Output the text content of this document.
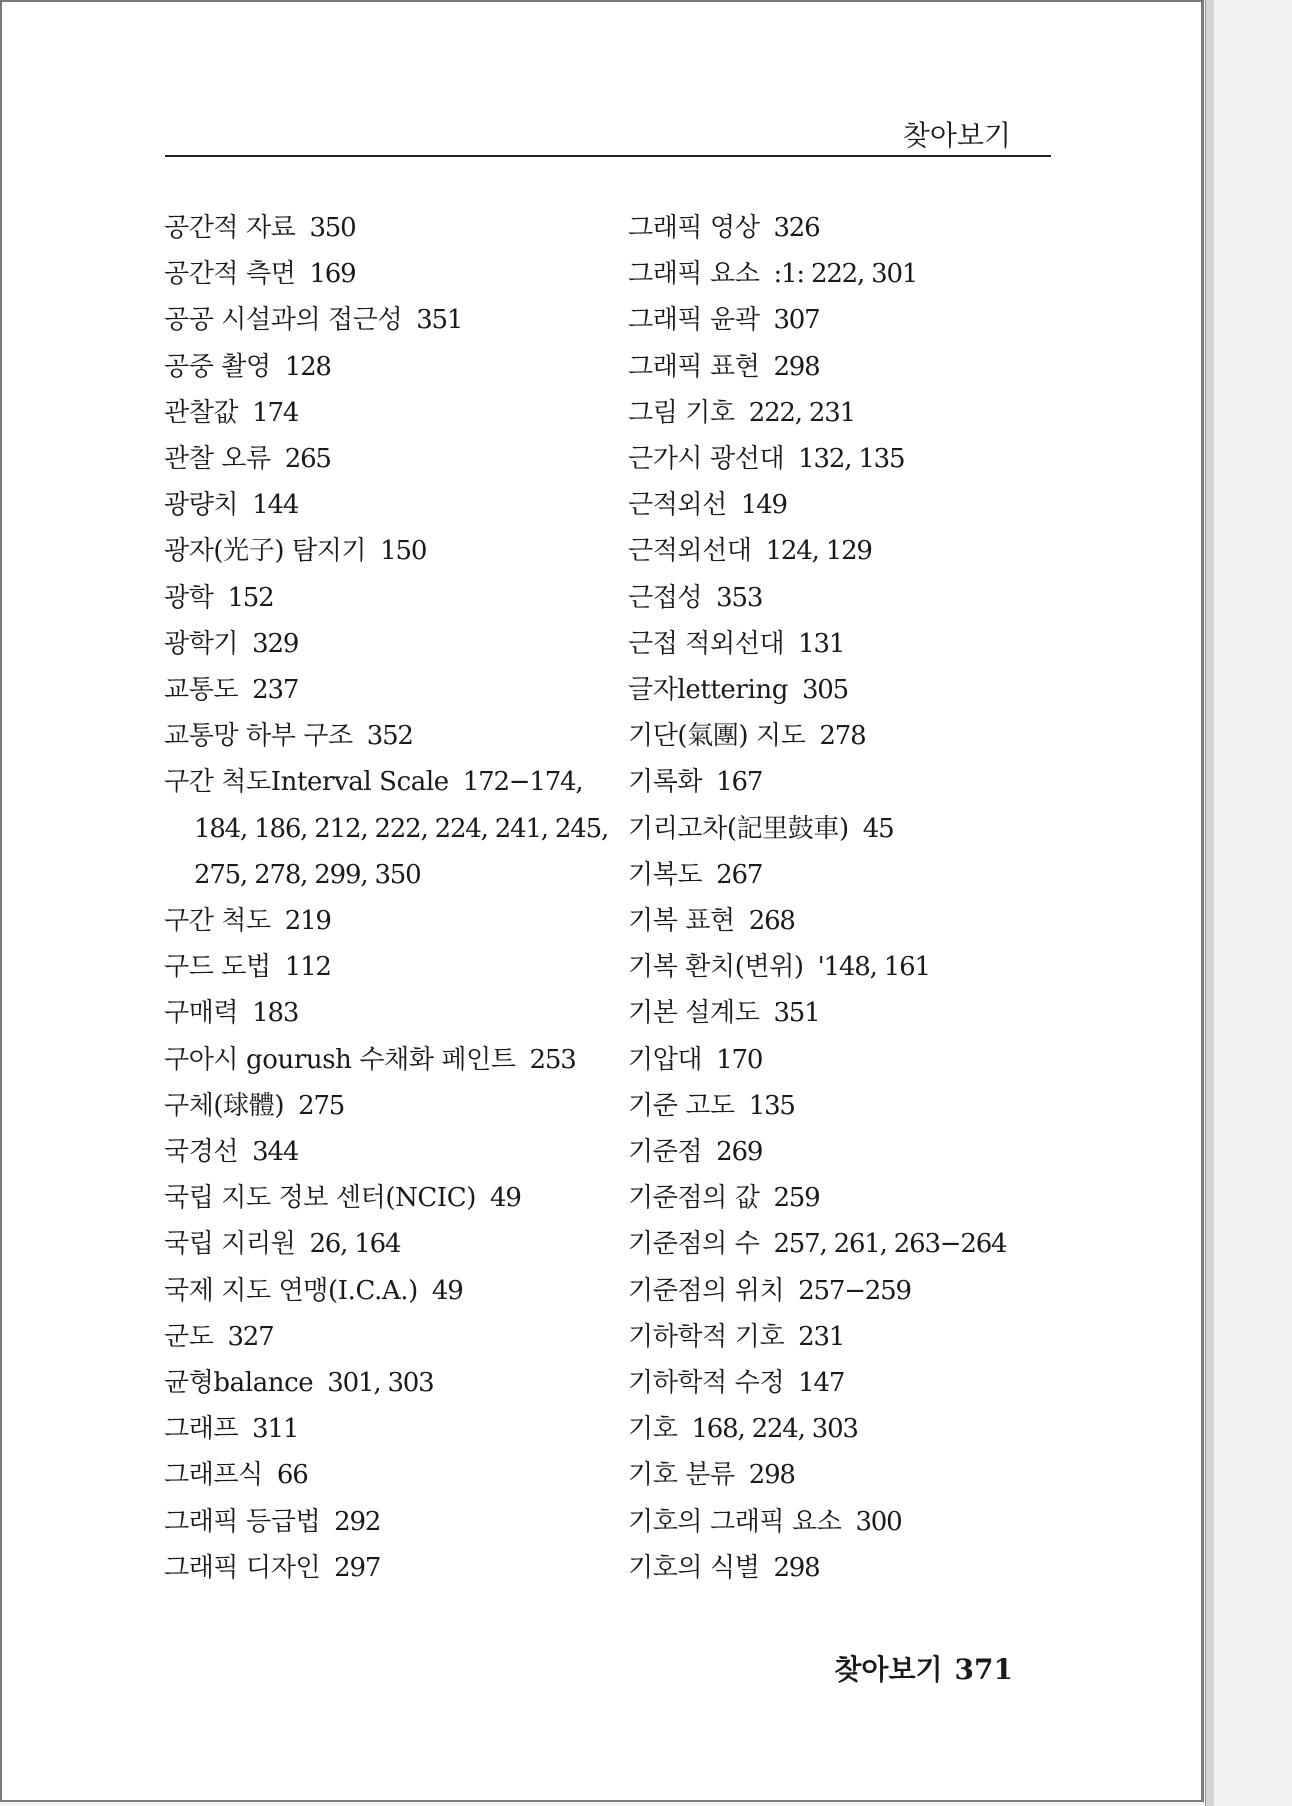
찾아보기
공간적 자료 350
공간적 측면 169
공공 시설과의 접근성 351
공중 촬영 128
관찰값 174
관찰 오류 265
광량치 144
광자(光子) 탐지기 150
광학 152
광학기 329
교통도 237
교통망 하부 구조 352
구간 척도Interval Scale 172−174,
184, 186, 212, 222, 224, 241, 245,
275, 278, 299, 350
구간 척도 219
구드 도법 112
구매력 183
구아시 gourush 수채화 페인트 253
구체(球體) 275
국경선 344
국립 지도 정보 센터(NCIC) 49
국립 지리원 26, 164
국제 지도 연맹(I.C.A.) 49
군도 327
균형balance 301, 303
그래프 311
그래프식 66
그래픽 등급법 292
그래픽 디자인 297
그래픽 영상 326
그래픽 요소 :1: 222, 301
그래픽 윤곽 307
그래픽 표현 298
그림 기호 222, 231
근가시 광선대 132, 135
근적외선 149
근적외선대 124, 129
근접성 353
근접 적외선대 131
글자lettering 305
기단(氣團) 지도 278
기록화 167
기리고차(記里鼓車) 45
기복도 267
기복 표현 268
기복 환치(변위) '148, 161
기본 설계도 351
기압대 170
기준 고도 135
기준점 269
기준점의 값 259
기준점의 수 257, 261, 263−264
기준점의 위치 257−259
기하학적 기호 231
기하학적 수정 147
기호 168, 224, 303
기호 분류 298
기호의 그래픽 요소 300
기호의 식별 298
찾아보기 371
